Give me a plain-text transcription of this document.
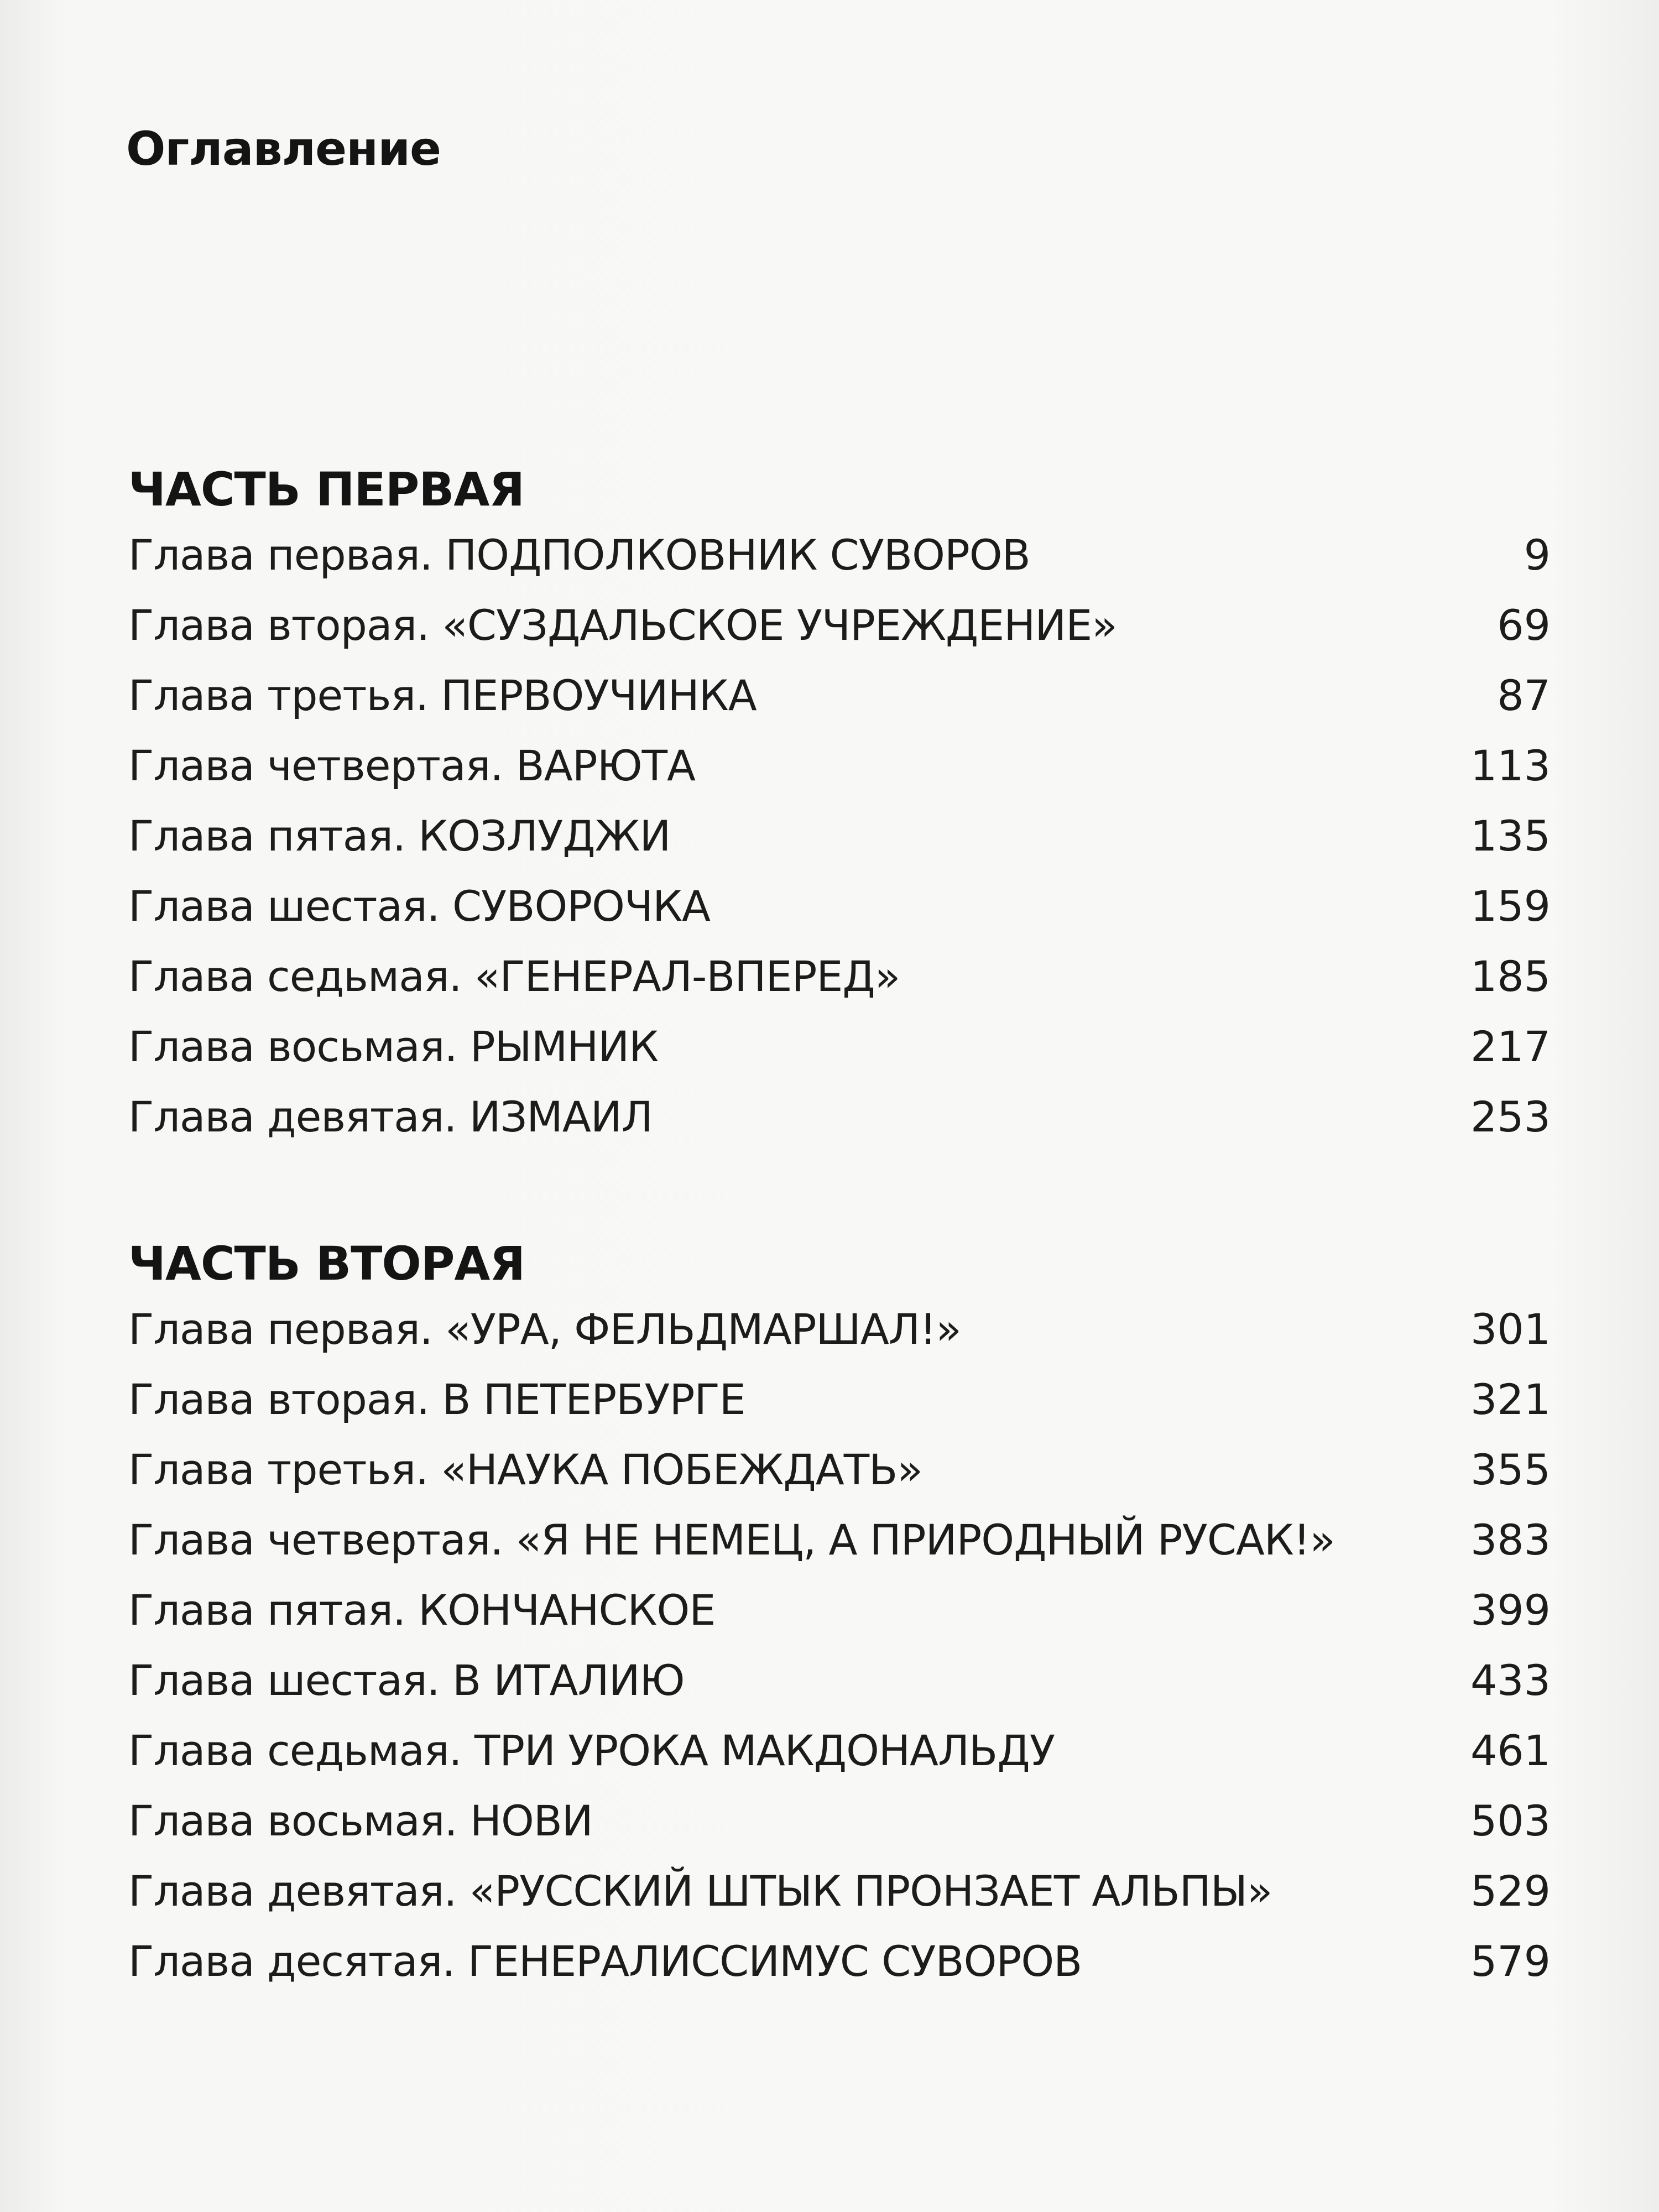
Оглавление
ЧАСТЬ ПЕРВАЯ
Глава первая. ПОДПОЛКОВНИК СУВОРОВ	9
Глава вторая. «СУЗДАЛЬСКОЕ УЧРЕЖДЕНИЕ»	69
Глава третья. ПЕРВОУЧИНКА	87
Глава четвертая. ВАРЮТА	113
Глава пятая. КОЗЛУДЖИ	135
Глава шестая. СУВОРОЧКА	159
Глава седьмая. «ГЕНЕРАЛ-ВПЕРЕД»	185
Глава восьмая. РЫМНИК	217
Глава девятая. ИЗМАИЛ	253
ЧАСТЬ ВТОРАЯ
Глава первая. «УРА, ФЕЛЬДМАРШАЛ!»	301
Глава вторая. В ПЕТЕРБУРГЕ	321
Глава третья. «НАУКА ПОБЕЖДАТЬ»	355
Глава четвертая. «Я НЕ НЕМЕЦ, А ПРИРОДНЫЙ РУСАК!»	383
Глава пятая. КОНЧАНСКОЕ	399
Глава шестая. В ИТАЛИЮ	433
Глава седьмая. ТРИ УРОКА МАКДОНАЛЬДУ	461
Глава восьмая. НОВИ	503
Глава девятая. «РУССКИЙ ШТЫК ПРОНЗАЕТ АЛЬПЫ»	529
Глава десятая. ГЕНЕРАЛИССИМУС СУВОРОВ	579
